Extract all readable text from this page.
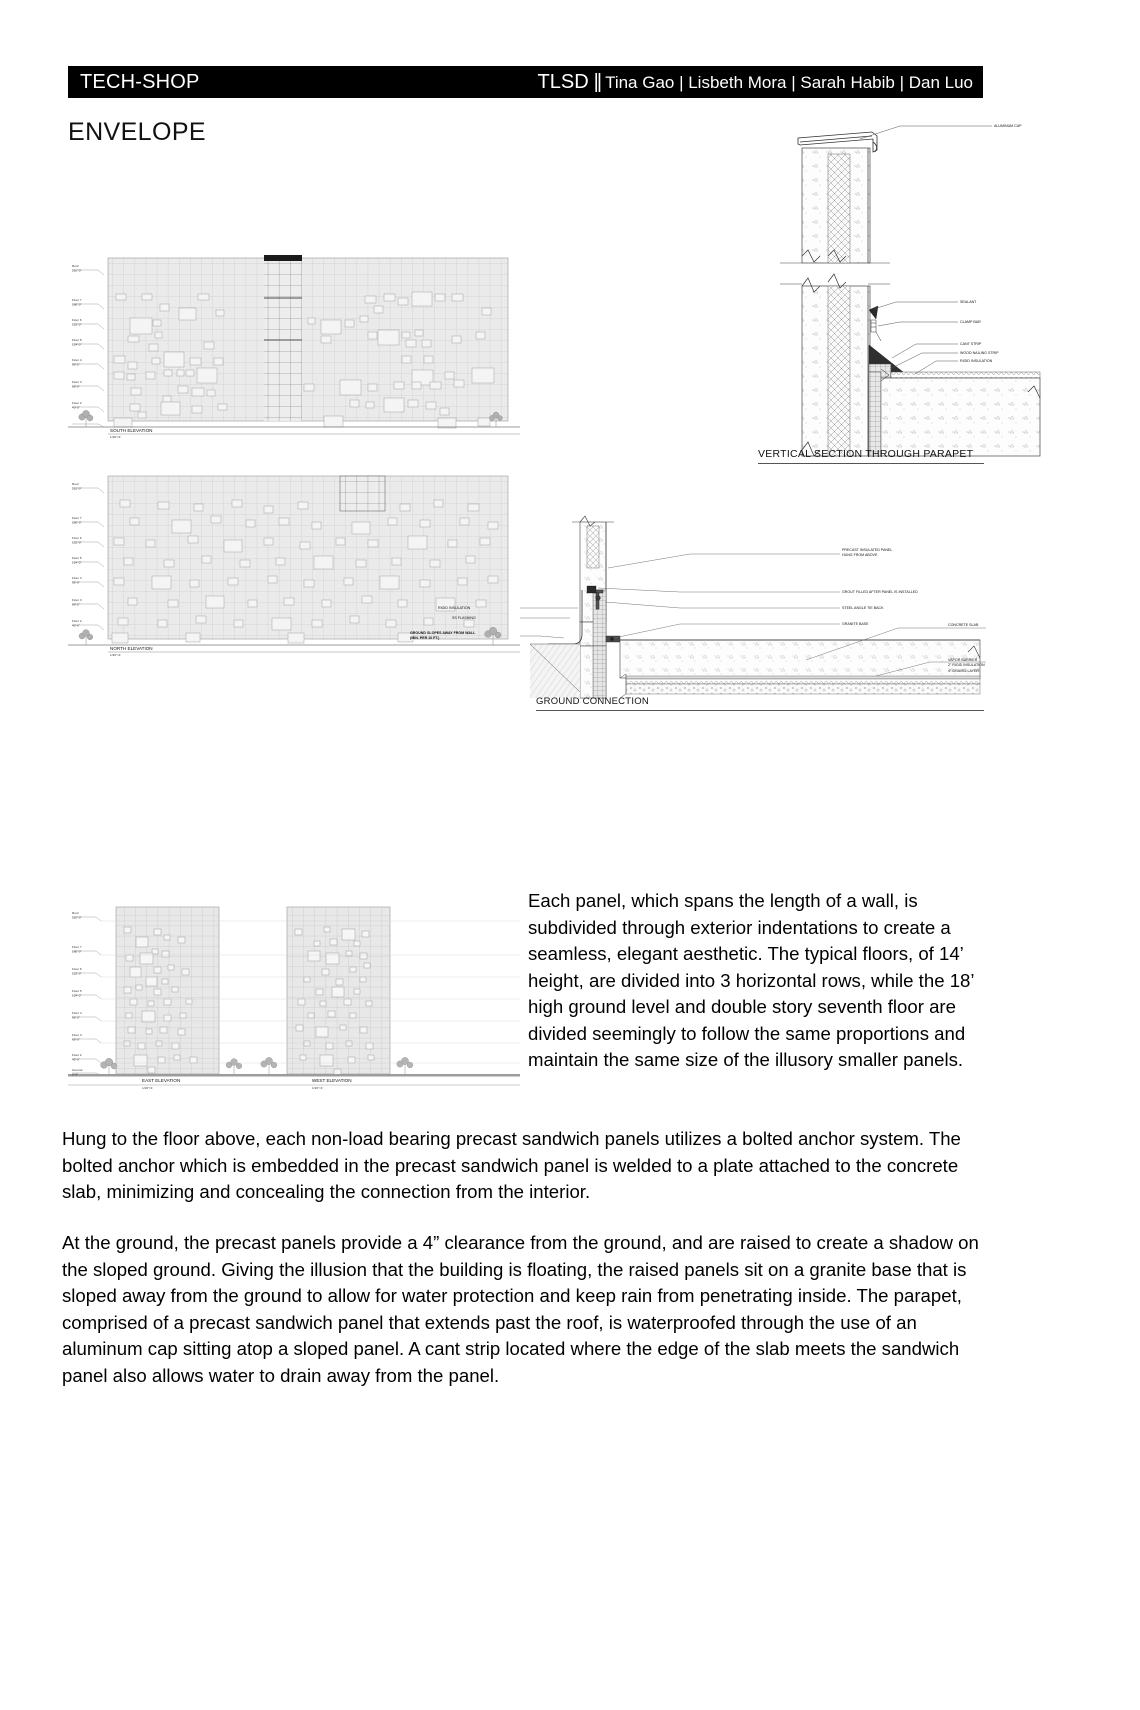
TECH-SHOP	TLSD || Tina Gao | Lisbeth Mora | Sarah Habib | Dan Luo
ENVELOPE
Roof
210'-0"
Floor 7
180'-0"
Floor 6
152'-0"
Floor 5
124'-0"
Floor 4
96'-0"
Floor 3
68'-0"
Floor 2
40'-0"
SOUTH ELEVATION
1/16"=1'
Roof
210'-0"
Floor 7
180'-0"
Floor 6
152'-0"
Floor 5
124'-0"
Floor 4
96'-0"
Floor 3
68'-0"
Floor 2
40'-0"
NORTH ELEVATION
1/16"=1'
ALUMINUM CAP
SEALANT
CLAMP BAR
CANT STRIP
WOOD NAILING STRIP
RIGID INSULATION
VERTICAL SECTION THROUGH PARAPET
PRECAST INSULATED PANEL
HUNG FROM ABOVE
GROUT FILLED AFTER PANEL IS INSTALLED
STEEL ANGLE TIE BACK
GRANITE BASE	CONCRETE SLAB
VAPOR BARRIER
2" RIGID INSULATION
4" GRAVEL LAYER
RIGID INSULATION
SS FLASHING
GROUND SLOPES AWAY FROM WALL
(MIN. PER 10 FT.)
GROUND CONNECTION
Roof
210'-0"
Floor 7
180'-0"
Floor 6
152'-0"
Floor 5
124'-0"
Floor 4
96'-0"
Floor 3
68'-0"
Floor 2
40'-0"
Ground
0'-0"
EAST ELEVATION
1/16"=1'
WEST ELEVATION
1/16"=1'
Each panel, which spans the length of a wall, is subdivided through exterior indentations to create a seamless, elegant aesthetic. The typical floors, of 14’ height, are divided into 3 horizontal rows, while the 18’ high ground level and double story seventh floor are divided seemingly to follow the same proportions and maintain the same size of the illusory smaller panels.
Hung to the floor above, each non-load bearing precast sandwich panels utilizes a bolted anchor system. The bolted anchor which is embedded in the precast sandwich panel is welded to a plate attached to the concrete slab, minimizing and concealing the connection from the interior.
At the ground, the precast panels provide a 4” clearance from the ground, and are raised to create a shadow on the sloped ground. Giving the illusion that the building is floating, the raised panels sit on a granite base that is sloped away from the ground to allow for water protection and keep rain from penetrating inside. The parapet, comprised of a precast sandwich panel that extends past the roof, is waterproofed through the use of an aluminum cap sitting atop a sloped panel. A cant strip located where the edge of the slab meets the sandwich panel also allows water to drain away from the panel.
